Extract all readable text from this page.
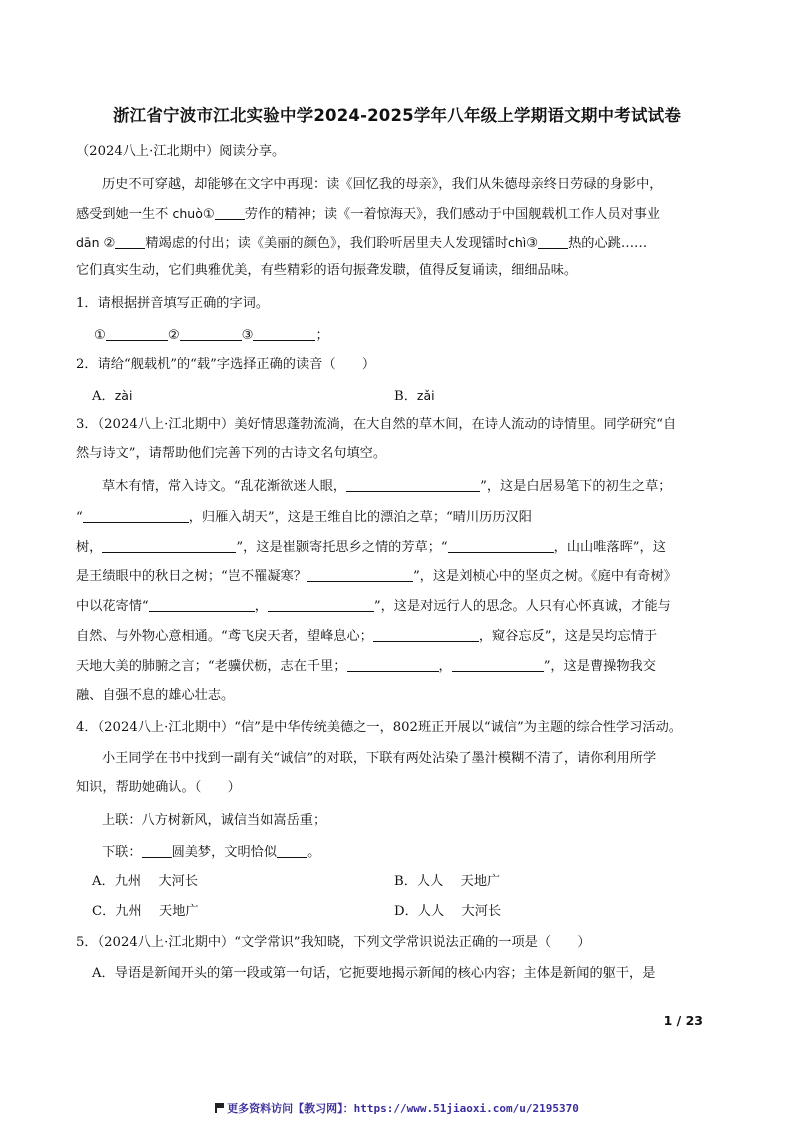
浙江省宁波市江北实验中学2024-2025学年八年级上学期语文期中考试试卷
（2024八上·江北期中）阅读分享。
历史不可穿越，却能够在文字中再现：读《回忆我的母亲》，我们从朱德母亲终日劳碌的身影中，
感受到她一生不 chuò① 劳作的精神；读《一着惊海天》，我们感动于中国舰载机工作人员对事业
dān ② 精竭虑的付出；读《美丽的颜色》，我们聆听居里夫人发现镭时chì③ 热的心跳……
它们真实生动，它们典雅优美，有些精彩的语句振聋发聩，值得反复诵读，细细品味。
1．请根据拼音填写正确的字词。
①	②	③	；
2．请给“舰载机”的“载”字选择正确的读音（　　）
A．zài	B．zǎi
3．（2024八上·江北期中）美好情思蓬勃流淌，在大自然的草木间，在诗人流动的诗情里。同学研究“自
然与诗文”，请帮助他们完善下列的古诗文名句填空。
草木有情，常入诗文。“乱花渐欲迷人眼，	”，这是白居易笔下的初生之草；
“	，归雁入胡天”，这是王维自比的漂泊之草；“晴川历历汉阳
树，	”，这是崔颢寄托思乡之情的芳草；“	，山山唯落晖”，这
是王绩眼中的秋日之树；“岂不罹凝寒？	”，这是刘桢心中的坚贞之树。《庭中有奇树》
中以花寄情“	，	”，这是对远行人的思念。人只有心怀真诚，才能与
自然、与外物心意相通。“鸢飞戾天者，望峰息心；	，窥谷忘反”，这是吴均忘情于
天地大美的肺腑之言；“老骥伏枥，志在千里；	，	”，这是曹操物我交
融、自强不息的雄心壮志。
4．（2024八上·江北期中）“信”是中华传统美德之一，802班正开展以“诚信”为主题的综合性学习活动。
小王同学在书中找到一副有关“诚信”的对联，下联有两处沾染了墨汁模糊不清了，请你利用所学
知识，帮助她确认。（　　）
上联：八方树新风，诚信当如嵩岳重；
下联： 圆美梦，文明恰似 。
A．九州　 大河长	B．人人　 天地广
C．九州　 天地广	D．人人　 大河长
5．（2024八上·江北期中）“文学常识”我知晓，下列文学常识说法正确的一项是（　　）
A．导语是新闻开头的第一段或第一句话，它扼要地揭示新闻的核心内容；主体是新闻的躯干，是
1 / 23
更多资料访问【教习网】：https://www.51jiaoxi.com/u/2195370
